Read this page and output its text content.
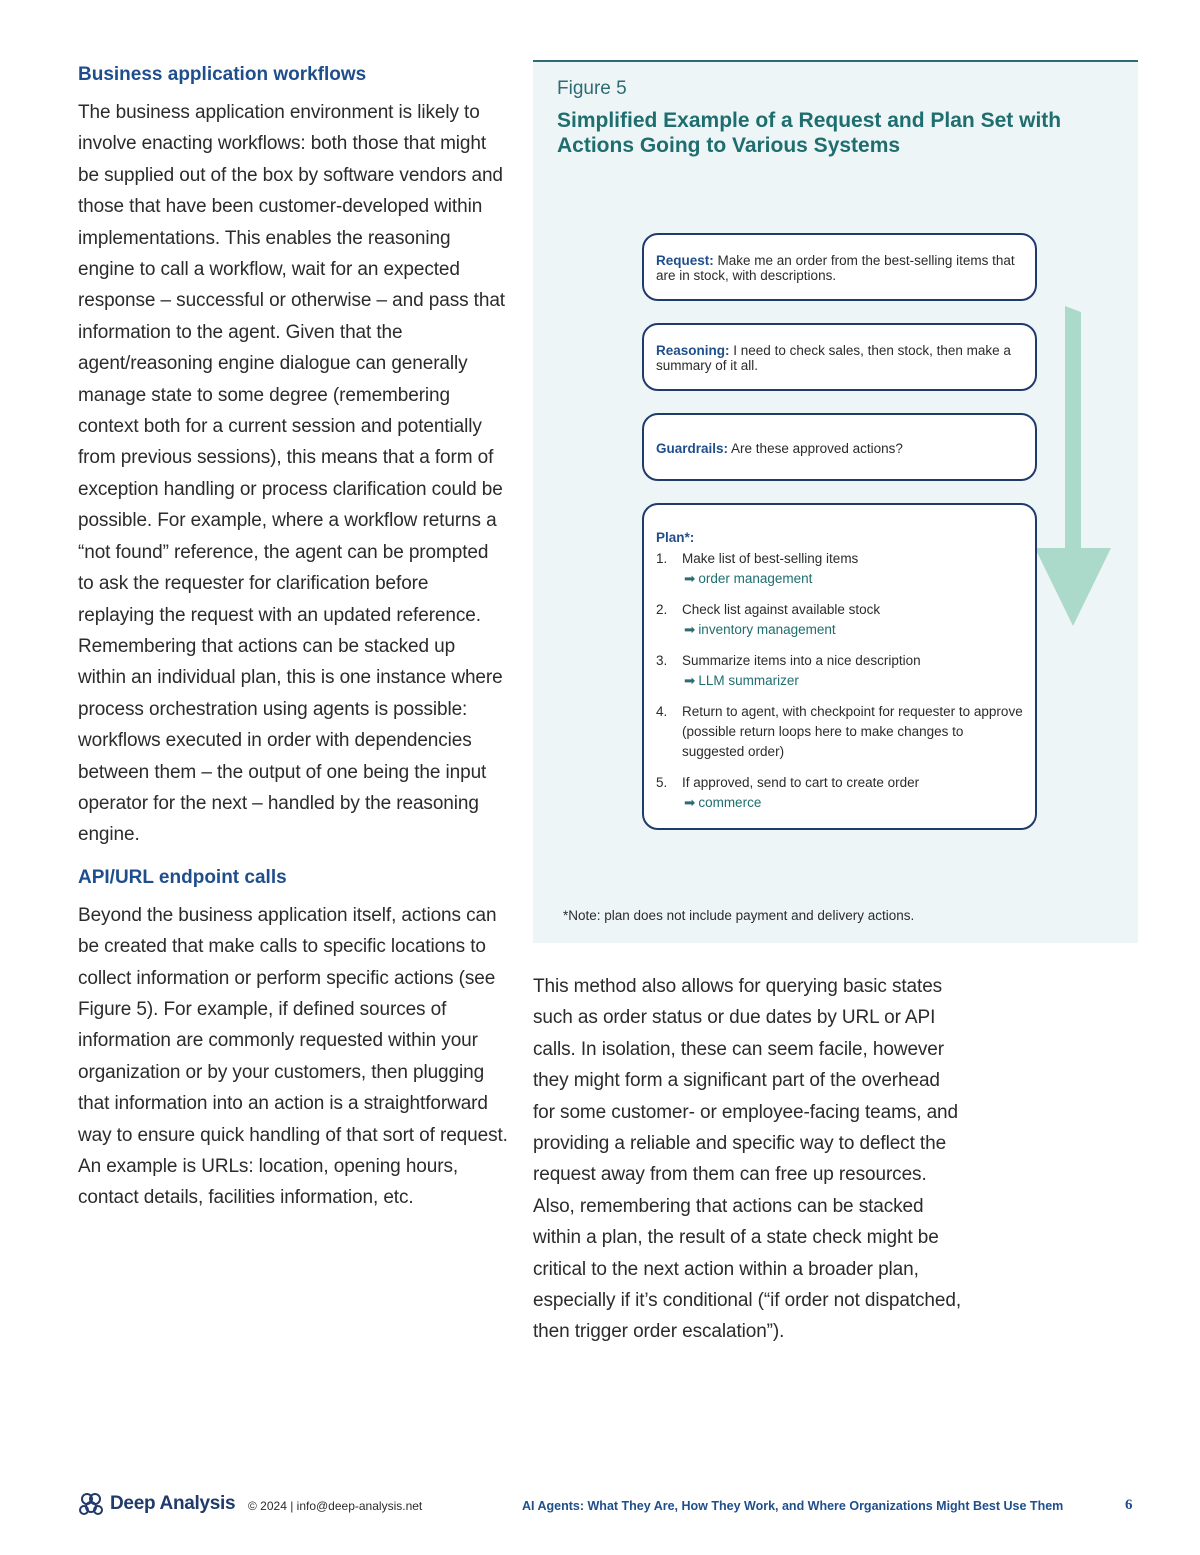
Business application workflows

The business application environment is likely to involve enacting workflows: both those that might be supplied out of the box by software vendors and those that have been customer-developed within implementations. This enables the reasoning engine to call a workflow, wait for an expected response – successful or otherwise – and pass that information to the agent. Given that the agent/reasoning engine dialogue can generally manage state to some degree (remembering context both for a current session and potentially from previous sessions), this means that a form of exception handling or process clarification could be possible. For example, where a workflow returns a “not found” reference, the agent can be prompted to ask the requester for clarification before replaying the request with an updated reference. Remembering that actions can be stacked up within an individual plan, this is one instance where process orchestration using agents is possible: workflows executed in order with dependencies between them – the output of one being the input operator for the next – handled by the reasoning engine.

API/URL endpoint calls

Beyond the business application itself, actions can be created that make calls to specific locations to collect information or perform specific actions (see Figure 5). For example, if defined sources of information are commonly requested within your organization or by your customers, then plugging that information into an action is a straightforward way to ensure quick handling of that sort of request. An example is URLs: location, opening hours, contact details, facilities information, etc.

Figure 5
Simplified Example of a Request and Plan Set with Actions Going to Various Systems
Request: Make me an order from the best-selling items that are in stock, with descriptions.
Reasoning: I need to check sales, then stock, then make a summary of it all.
Guardrails: Are these approved actions?
Plan*:
1. Make list of best-selling items
➡ order management
2. Check list against available stock
➡ inventory management
3. Summarize items into a nice description
➡ LLM summarizer
4. Return to agent, with checkpoint for requester to approve (possible return loops here to make changes to suggested order)
5. If approved, send to cart to create order
➡ commerce
*Note: plan does not include payment and delivery actions.

This method also allows for querying basic states such as order status or due dates by URL or API calls. In isolation, these can seem facile, however they might form a significant part of the overhead for some customer- or employee-facing teams, and providing a reliable and specific way to deflect the request away from them can free up resources. Also, remembering that actions can be stacked within a plan, the result of a state check might be critical to the next action within a broader plan, especially if it’s conditional (“if order not dispatched, then trigger order escalation”).

Deep Analysis © 2024 | info@deep-analysis.net	AI Agents: What They Are, How They Work, and Where Organizations Might Best Use Them	6
